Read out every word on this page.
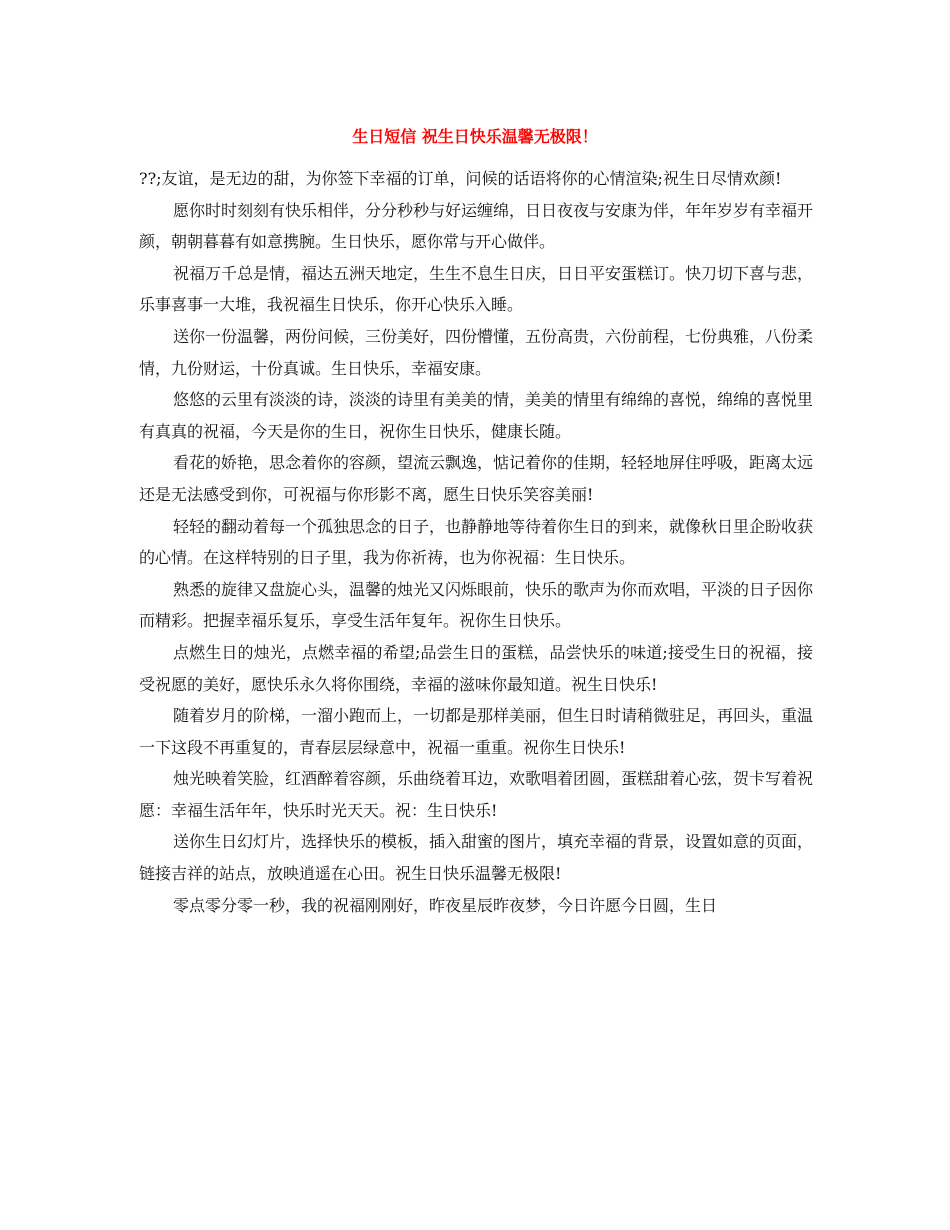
生日短信 祝生日快乐温馨无极限！

??;友谊，是无边的甜，为你签下幸福的订单，问候的话语将你的心情渲染;祝生日尽情欢颜!

愿你时时刻刻有快乐相伴，分分秒秒与好运缠绵，日日夜夜与安康为伴，年年岁岁有幸福开颜，朝朝暮暮有如意携腕。生日快乐，愿你常与开心做伴。

祝福万千总是情，福达五洲天地定，生生不息生日庆，日日平安蛋糕订。快刀切下喜与悲，乐事喜事一大堆，我祝福生日快乐，你开心快乐入睡。

送你一份温馨，两份问候，三份美好，四份懵懂，五份高贵，六份前程，七份典雅，八份柔情，九份财运，十份真诚。生日快乐，幸福安康。

悠悠的云里有淡淡的诗，淡淡的诗里有美美的情，美美的情里有绵绵的喜悦，绵绵的喜悦里有真真的祝福，今天是你的生日，祝你生日快乐，健康长随。

看花的娇艳，思念着你的容颜，望流云飘逸，惦记着你的佳期，轻轻地屏住呼吸，距离太远还是无法感受到你，可祝福与你形影不离，愿生日快乐笑容美丽!

轻轻的翻动着每一个孤独思念的日子，也静静地等待着你生日的到来，就像秋日里企盼收获的心情。在这样特别的日子里，我为你祈祷，也为你祝福：生日快乐。

熟悉的旋律又盘旋心头，温馨的烛光又闪烁眼前，快乐的歌声为你而欢唱，平淡的日子因你而精彩。把握幸福乐复乐，享受生活年复年。祝你生日快乐。

点燃生日的烛光，点燃幸福的希望;品尝生日的蛋糕，品尝快乐的味道;接受生日的祝福，接受祝愿的美好，愿快乐永久将你围绕，幸福的滋味你最知道。祝生日快乐!

随着岁月的阶梯，一溜小跑而上，一切都是那样美丽，但生日时请稍微驻足，再回头，重温一下这段不再重复的，青春层层绿意中，祝福一重重。祝你生日快乐!

烛光映着笑脸，红酒醉着容颜，乐曲绕着耳边，欢歌唱着团圆，蛋糕甜着心弦，贺卡写着祝愿：幸福生活年年，快乐时光天天。祝：生日快乐!

送你生日幻灯片，选择快乐的模板，插入甜蜜的图片，填充幸福的背景，设置如意的页面，链接吉祥的站点，放映逍遥在心田。祝生日快乐温馨无极限!

零点零分零一秒，我的祝福刚刚好，昨夜星辰昨夜梦，今日许愿今日圆，生日
